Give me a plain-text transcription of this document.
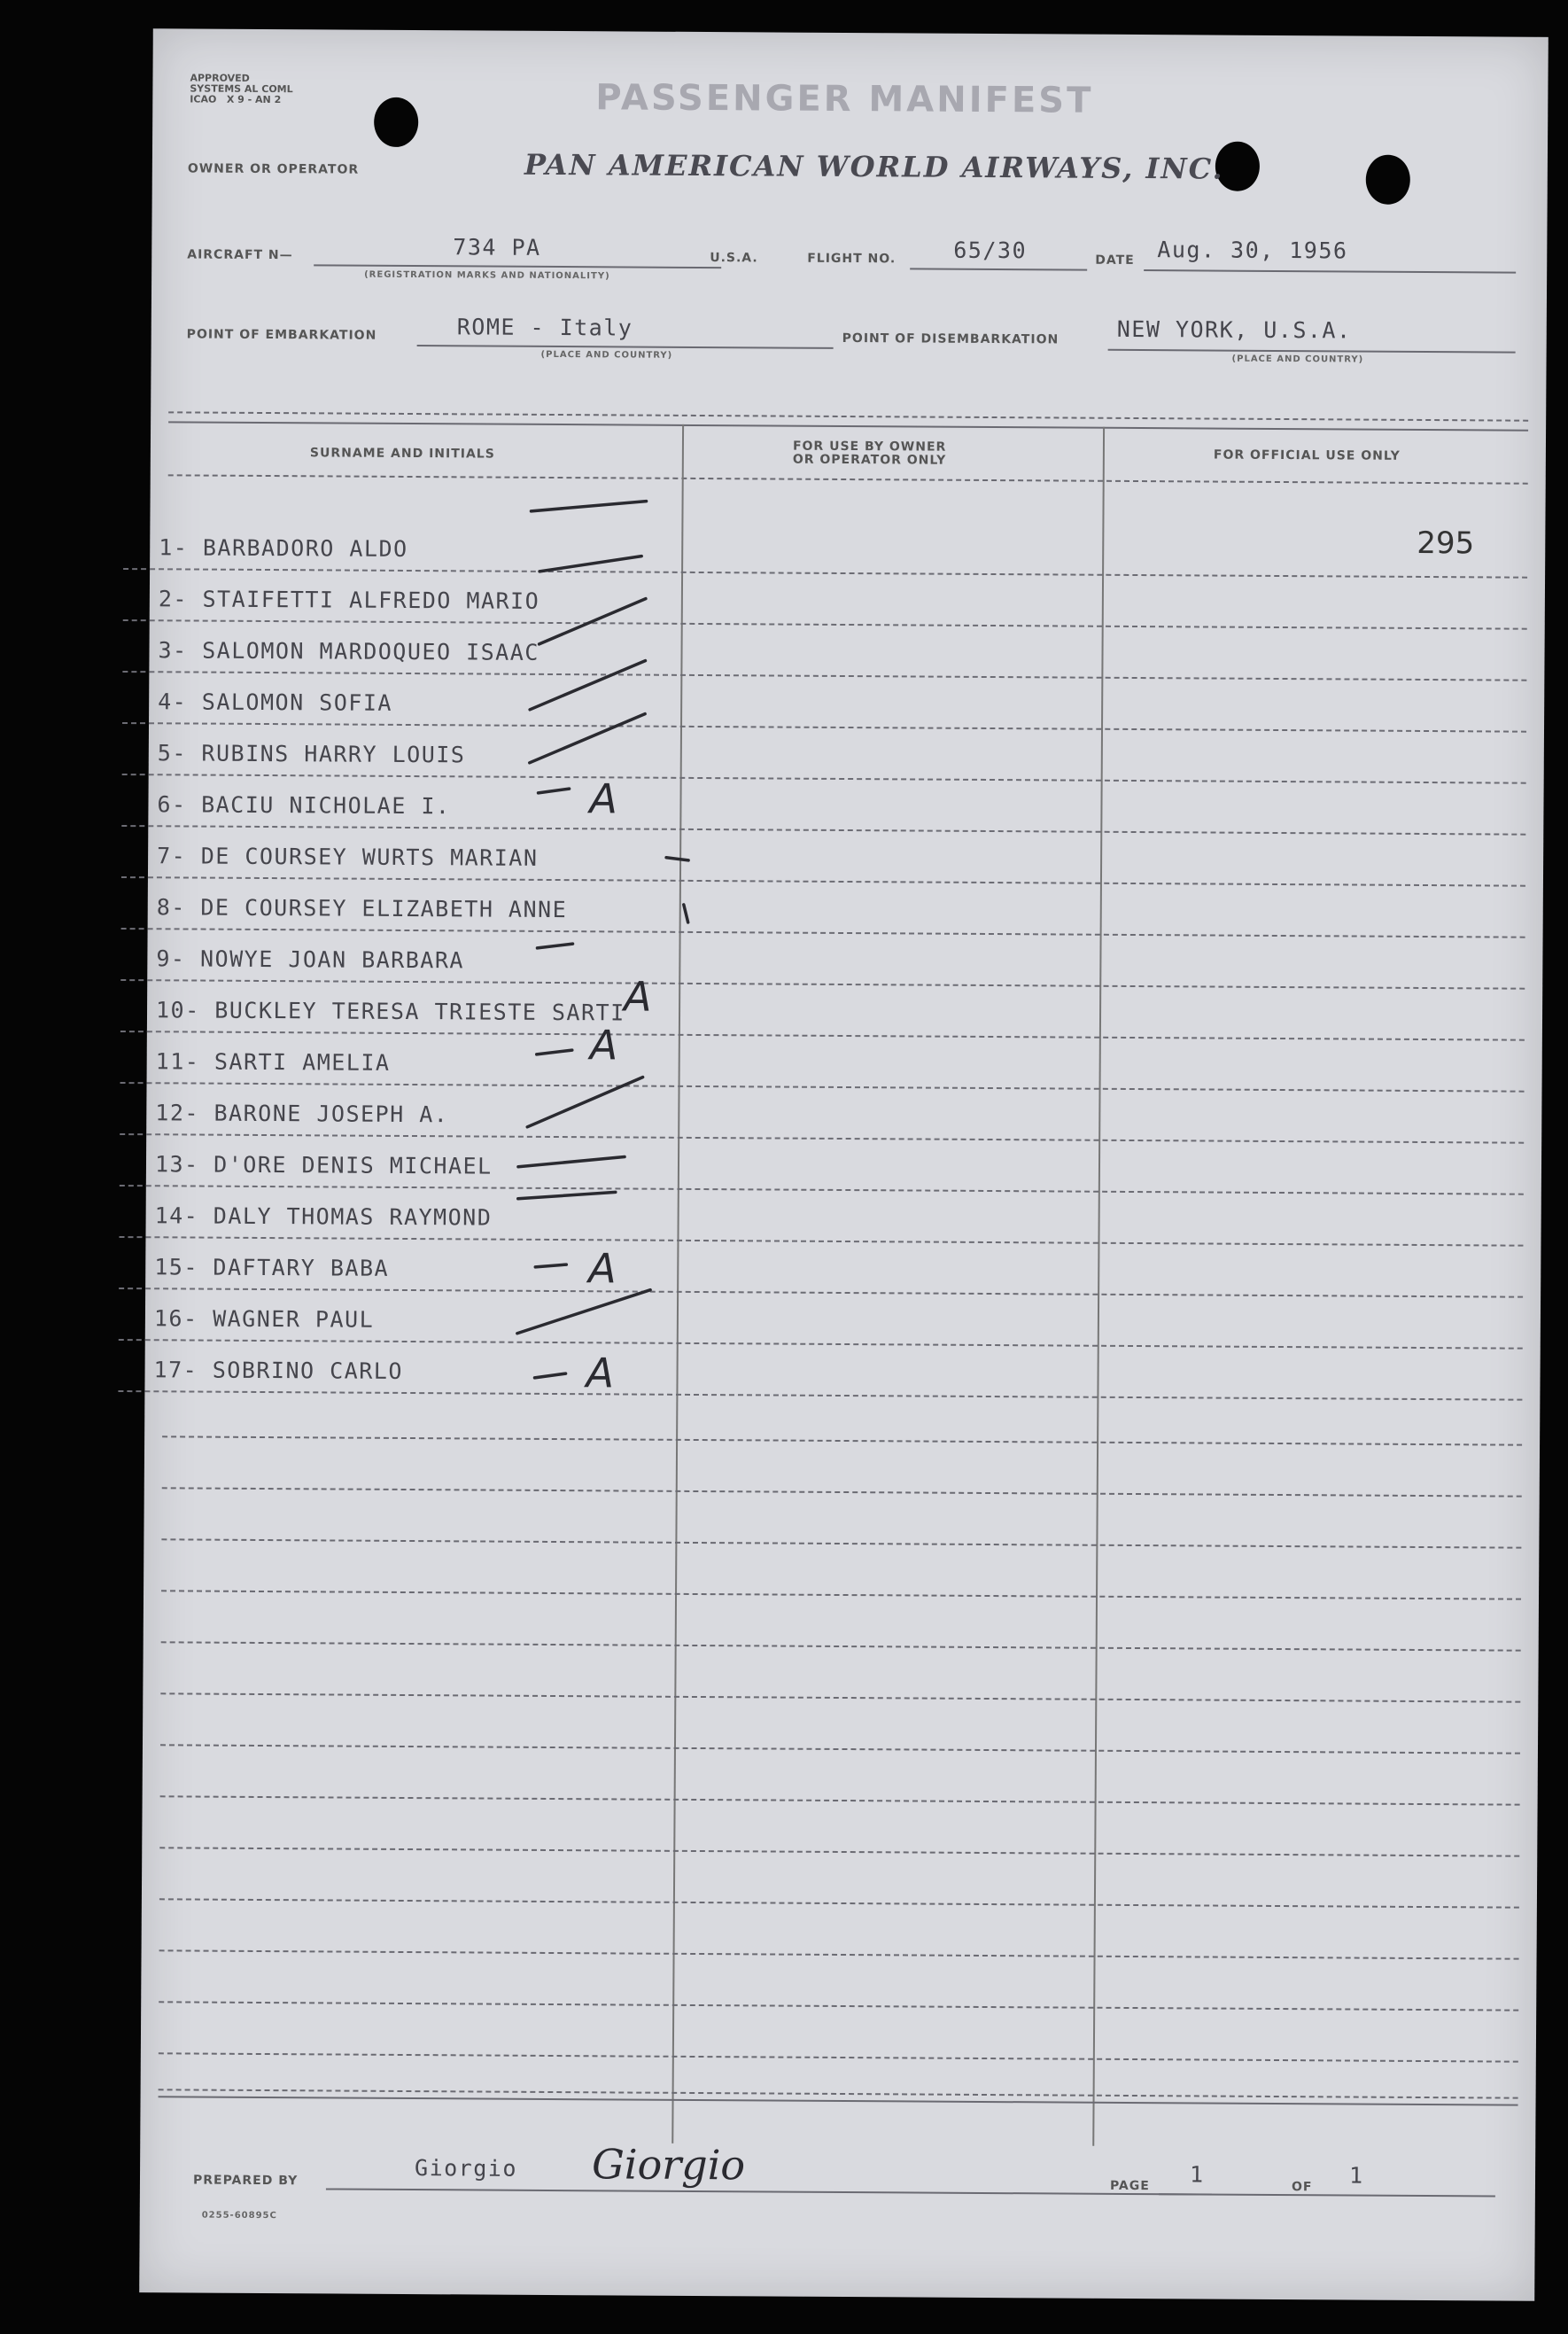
APPROVED
SYSTEMS AL COML
ICAO   X 9 - AN 2	PASSENGER MANIFEST
OWNER OR OPERATOR	PAN AMERICAN WORLD AIRWAYS, INC.
AIRCRAFT N—	734 PA
(REGISTRATION MARKS AND NATIONALITY)
U.S.A.	FLIGHT NO.	65/30	DATE Aug. 30, 1956
POINT OF EMBARKATION	ROME - Italy
(PLACE AND COUNTRY)
POINT OF DISEMBARKATION	NEW YORK, U.S.A.
(PLACE AND COUNTRY)
SURNAME AND INITIALS	FOR USE BY OWNER
OR OPERATOR ONLY	FOR OFFICIAL USE ONLY
295
1- BARBADORO ALDO
2- STAIFETTI ALFREDO MARIO
3- SALOMON MARDOQUEO ISAAC
4- SALOMON SOFIA
5- RUBINS HARRY LOUIS
6- BACIU NICHOLAE I.
7- DE COURSEY WURTS MARIAN
8- DE COURSEY ELIZABETH ANNE
9- NOWYE JOAN BARBARA
10- BUCKLEY TERESA TRIESTE SARTI
11- SARTI AMELIA
12- BARONE JOSEPH A.
13- D'ORE DENIS MICHAEL
14- DALY THOMAS RAYMOND
15- DAFTARY BABA
16- WAGNER PAUL
17- SOBRINO CARLO
A
A
A
A
A
PREPARED BY	Giorgio Giorgio
0255-60895C
PAGE 1	OF 1
